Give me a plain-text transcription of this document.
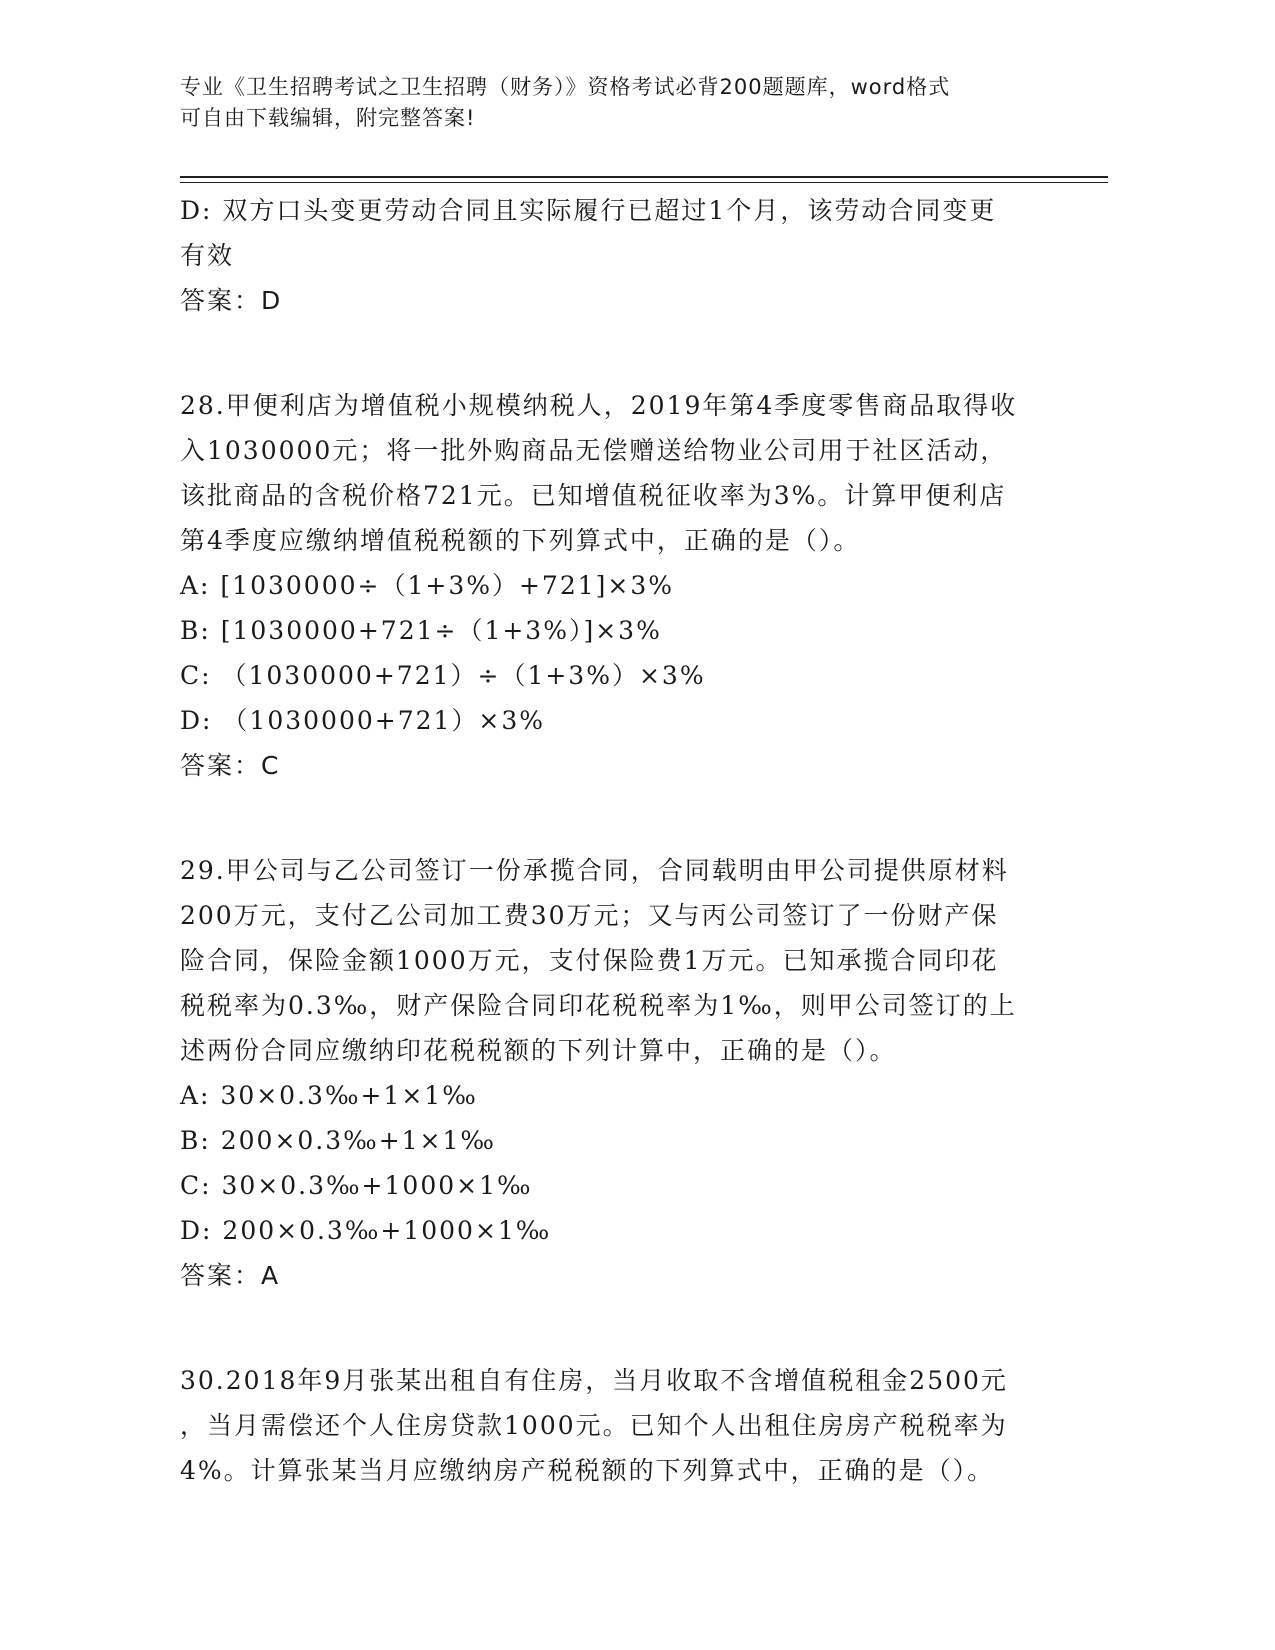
专业《卫生招聘考试之卫生招聘（财务）》资格考试必背200题题库，word格式
可自由下载编辑，附完整答案!
D: 双方口头变更劳动合同且实际履行已超过1个月，该劳动合同变更
有效
答案：D
28.甲便利店为增值税小规模纳税人，2019年第4季度零售商品取得收
入1030000元；将一批外购商品无偿赠送给物业公司用于社区活动，
该批商品的含税价格721元。已知增值税征收率为3%。计算甲便利店
第4季度应缴纳增值税税额的下列算式中，正确的是（）。
A: [1030000÷（1+3%）+721]×3%
B: [1030000+721÷（1+3%）]×3%
C: （1030000+721）÷（1+3%）×3%
D: （1030000+721）×3%
答案：C
29.甲公司与乙公司签订一份承揽合同，合同载明由甲公司提供原材料
200万元，支付乙公司加工费30万元；又与丙公司签订了一份财产保
险合同，保险金额1000万元，支付保险费1万元。已知承揽合同印花
税税率为0.3‰，财产保险合同印花税税率为1‰，则甲公司签订的上
述两份合同应缴纳印花税税额的下列计算中，正确的是（）。
A: 30×0.3‰+1×1‰
B: 200×0.3‰+1×1‰
C: 30×0.3‰+1000×1‰
D: 200×0.3‰+1000×1‰
答案：A
30.2018年9月张某出租自有住房，当月收取不含增值税租金2500元
，当月需偿还个人住房贷款1000元。已知个人出租住房房产税税率为
4%。计算张某当月应缴纳房产税税额的下列算式中，正确的是（）。
